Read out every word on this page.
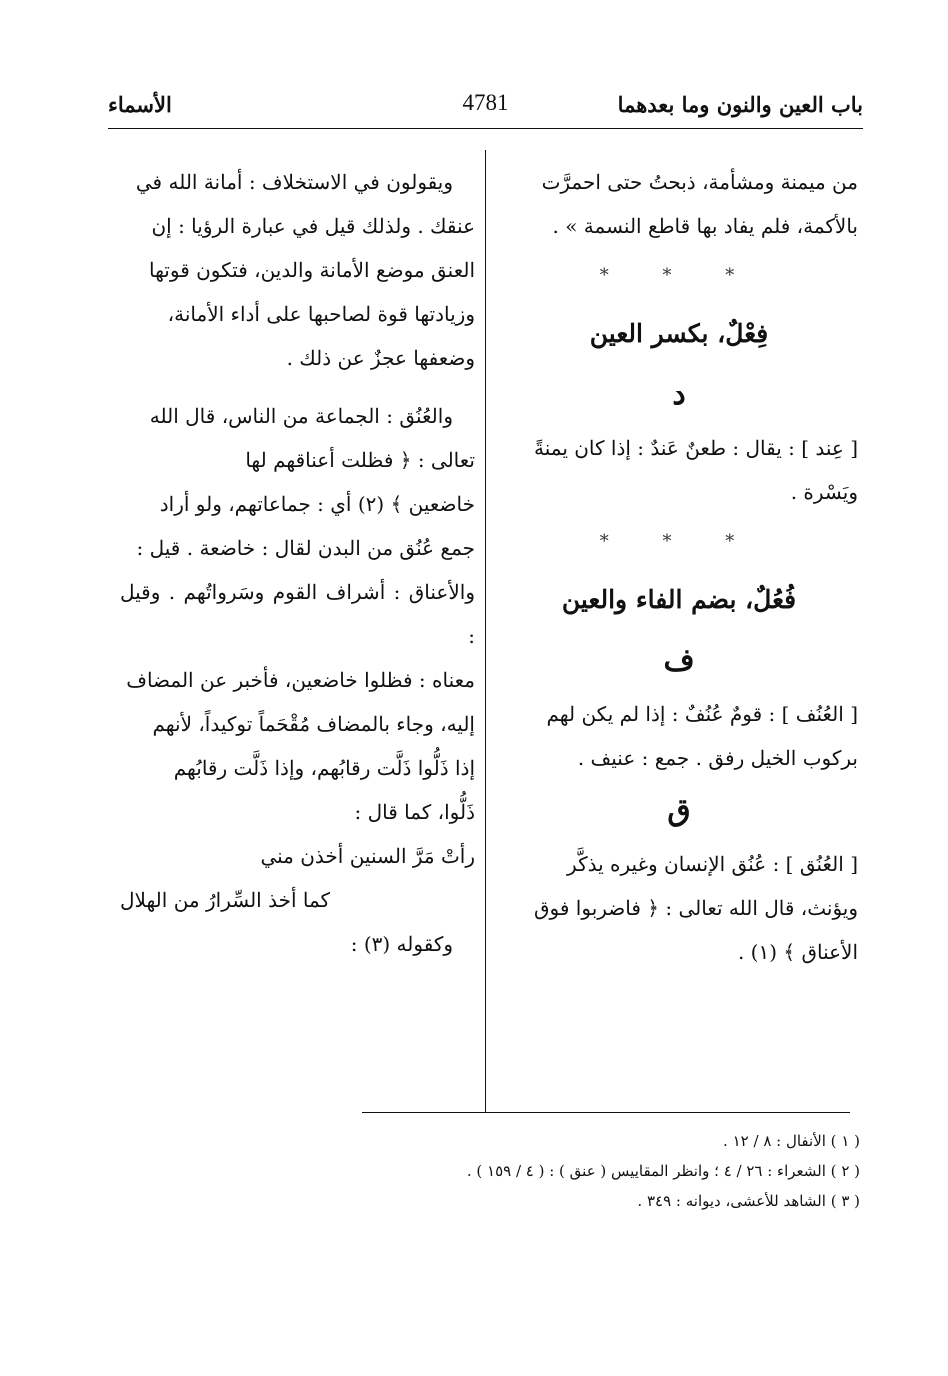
باب العين والنون وما بعدهما
4781
الأسماء

من ميمنة ومشأمة، ذبحتُ حتى احمرَّت

بالأكمة، فلم يفاد بها قاطع النسمة » .

* * *
فِعْلٌ، بكسر العين
د

[ عِند ] : يقال : طعنٌ عَندٌ : إذا كان يمنةً

ويَسْرة .

* * *
فُعُلٌ، بضم الفاء والعين
ف

[ العُنُف ] : قومٌ عُنُفٌ : إذا لم يكن لهم

بركوب الخيل رفق . جمع : عنيف .

ق

[ العُنُق ] : عُنُق الإنسان وغيره يذكَّر

ويؤنث، قال الله تعالى : ﴿ فاضربوا فوق

الأعناق ﴾ (١) .

ويقولون في الاستخلاف : أمانة الله في

عنقك . ولذلك قيل في عبارة الرؤيا : إن

العنق موضع الأمانة والدين، فتكون قوتها

وزيادتها قوة لصاحبها على أداء الأمانة،

وضعفها عجزٌ عن ذلك .

والعُنُق : الجماعة من الناس، قال الله

تعالى : ﴿ فظلت أعناقهم لها

خاضعين ﴾ (٢) أي : جماعاتهم، ولو أراد

جمع عُنُق من البدن لقال : خاضعة . قيل :

والأعناق : أشراف القوم وسَرواتُهم . وقيل :

معناه : فظلوا خاضعين، فأخبر عن المضاف

إليه، وجاء بالمضاف مُقْحَماً توكيداً، لأنهم

إذا ذَلُّوا ذَلَّت رقابُهم، وإذا ذَلَّت رقابُهم

ذَلُّوا، كما قال :

رأتْ مَرَّ السنين أخذن مني

كما أخذ السِّرارُ من الهلال

وكقوله (٣) :

( ١ ) الأنفال : ٨ / ١٢ .
( ٢ ) الشعراء : ٢٦ / ٤ ؛ وانظر المقاييس ( عنق ) : ( ٤ / ١٥٩ ) .
( ٣ ) الشاهد للأعشى، ديوانه : ٣٤٩ .
